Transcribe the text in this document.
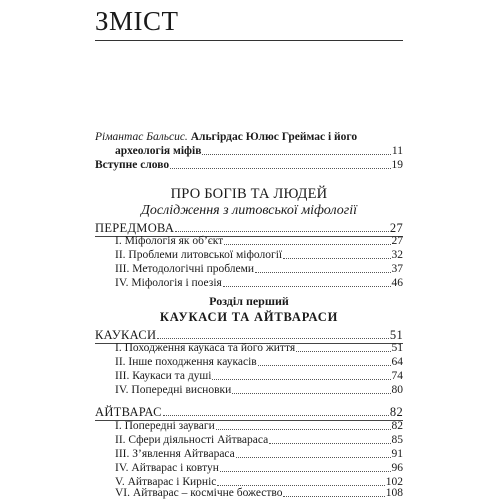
ЗМІСТ
Рімантас Бальсис. Альгірдас Юлюс Греймас і його
археологія міфів	11
Вступне слово	19
ПРО БОГІВ ТА ЛЮДЕЙ
Дослідження з литовської міфології
ПЕРЕДМОВА	27
I. Міфологія як об’єкт	27
II. Проблеми литовської міфології	32
III. Методологічні проблеми	37
IV. Міфологія і поезія	46
Розділ перший
КАУКАСИ ТА АЙТВАРАСИ
КАУКАСИ	51
I. Походження каукаса та його життя	51
II. Інше походження каукасів	64
III. Каукаси та душі	74
IV. Попередні висновки	80
АЙТВАРАС	82
I. Попередні зауваги	82
II. Сфери діяльності Айтвараса	85
III. З’явлення Айтвараса	91
IV. Айтварас і ковтун	96
V. Айтварас і Кирніс	102
VI. Айтварас – космічне божество	108
